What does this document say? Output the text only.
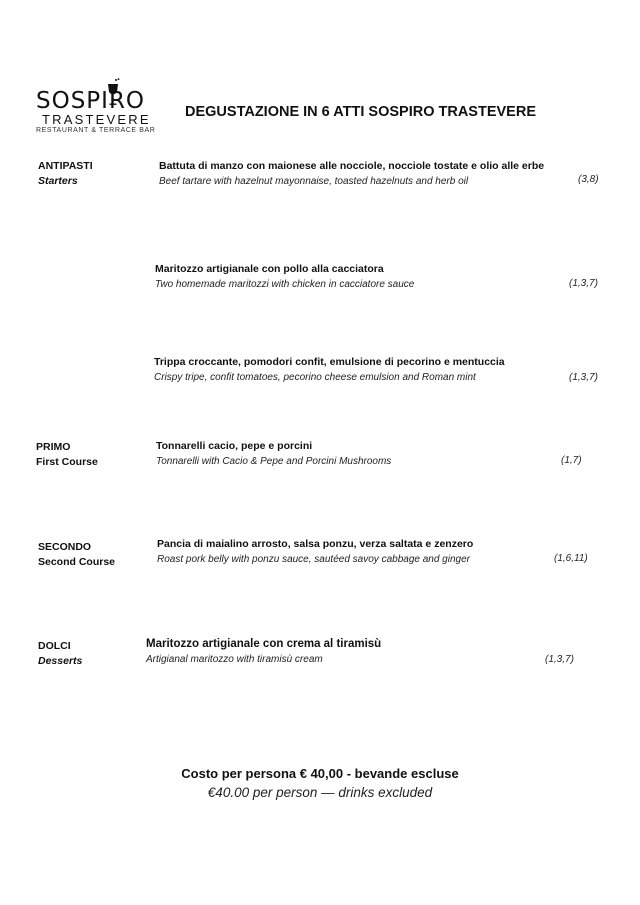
SOSPIRO
TRASTEVERE
RESTAURANT & TERRACE BAR
DEGUSTAZIONE IN 6 ATTI SOSPIRO TRASTEVERE
ANTIPASTI
Starters
PRIMO
First Course
SECONDO
Second Course
DOLCI
Desserts
Battuta di manzo con maionese alle nocciole, nocciole tostate e olio alle erbe
Beef tartare with hazelnut mayonnaise, toasted hazelnuts and herb oil	(3,8)
Maritozzo artigianale con pollo alla cacciatora
Two homemade maritozzi with chicken in cacciatore sauce	(1,3,7)
Trippa croccante, pomodori confit, emulsione di pecorino e mentuccia
Crispy tripe, confit tomatoes, pecorino cheese emulsion and Roman mint	(1,3,7)
Tonnarelli cacio, pepe e porcini
Tonnarelli with Cacio & Pepe and Porcini Mushrooms	(1,7)
Pancia di maialino arrosto, salsa ponzu, verza saltata e zenzero
Roast pork belly with ponzu sauce, sautéed savoy cabbage and ginger	(1,6,11)
Maritozzo artigianale con crema al tiramisù
Artigianal maritozzo with tiramisù cream	(1,3,7)
Costo per persona € 40,00 - bevande escluse
€40.00 per person — drinks excluded
